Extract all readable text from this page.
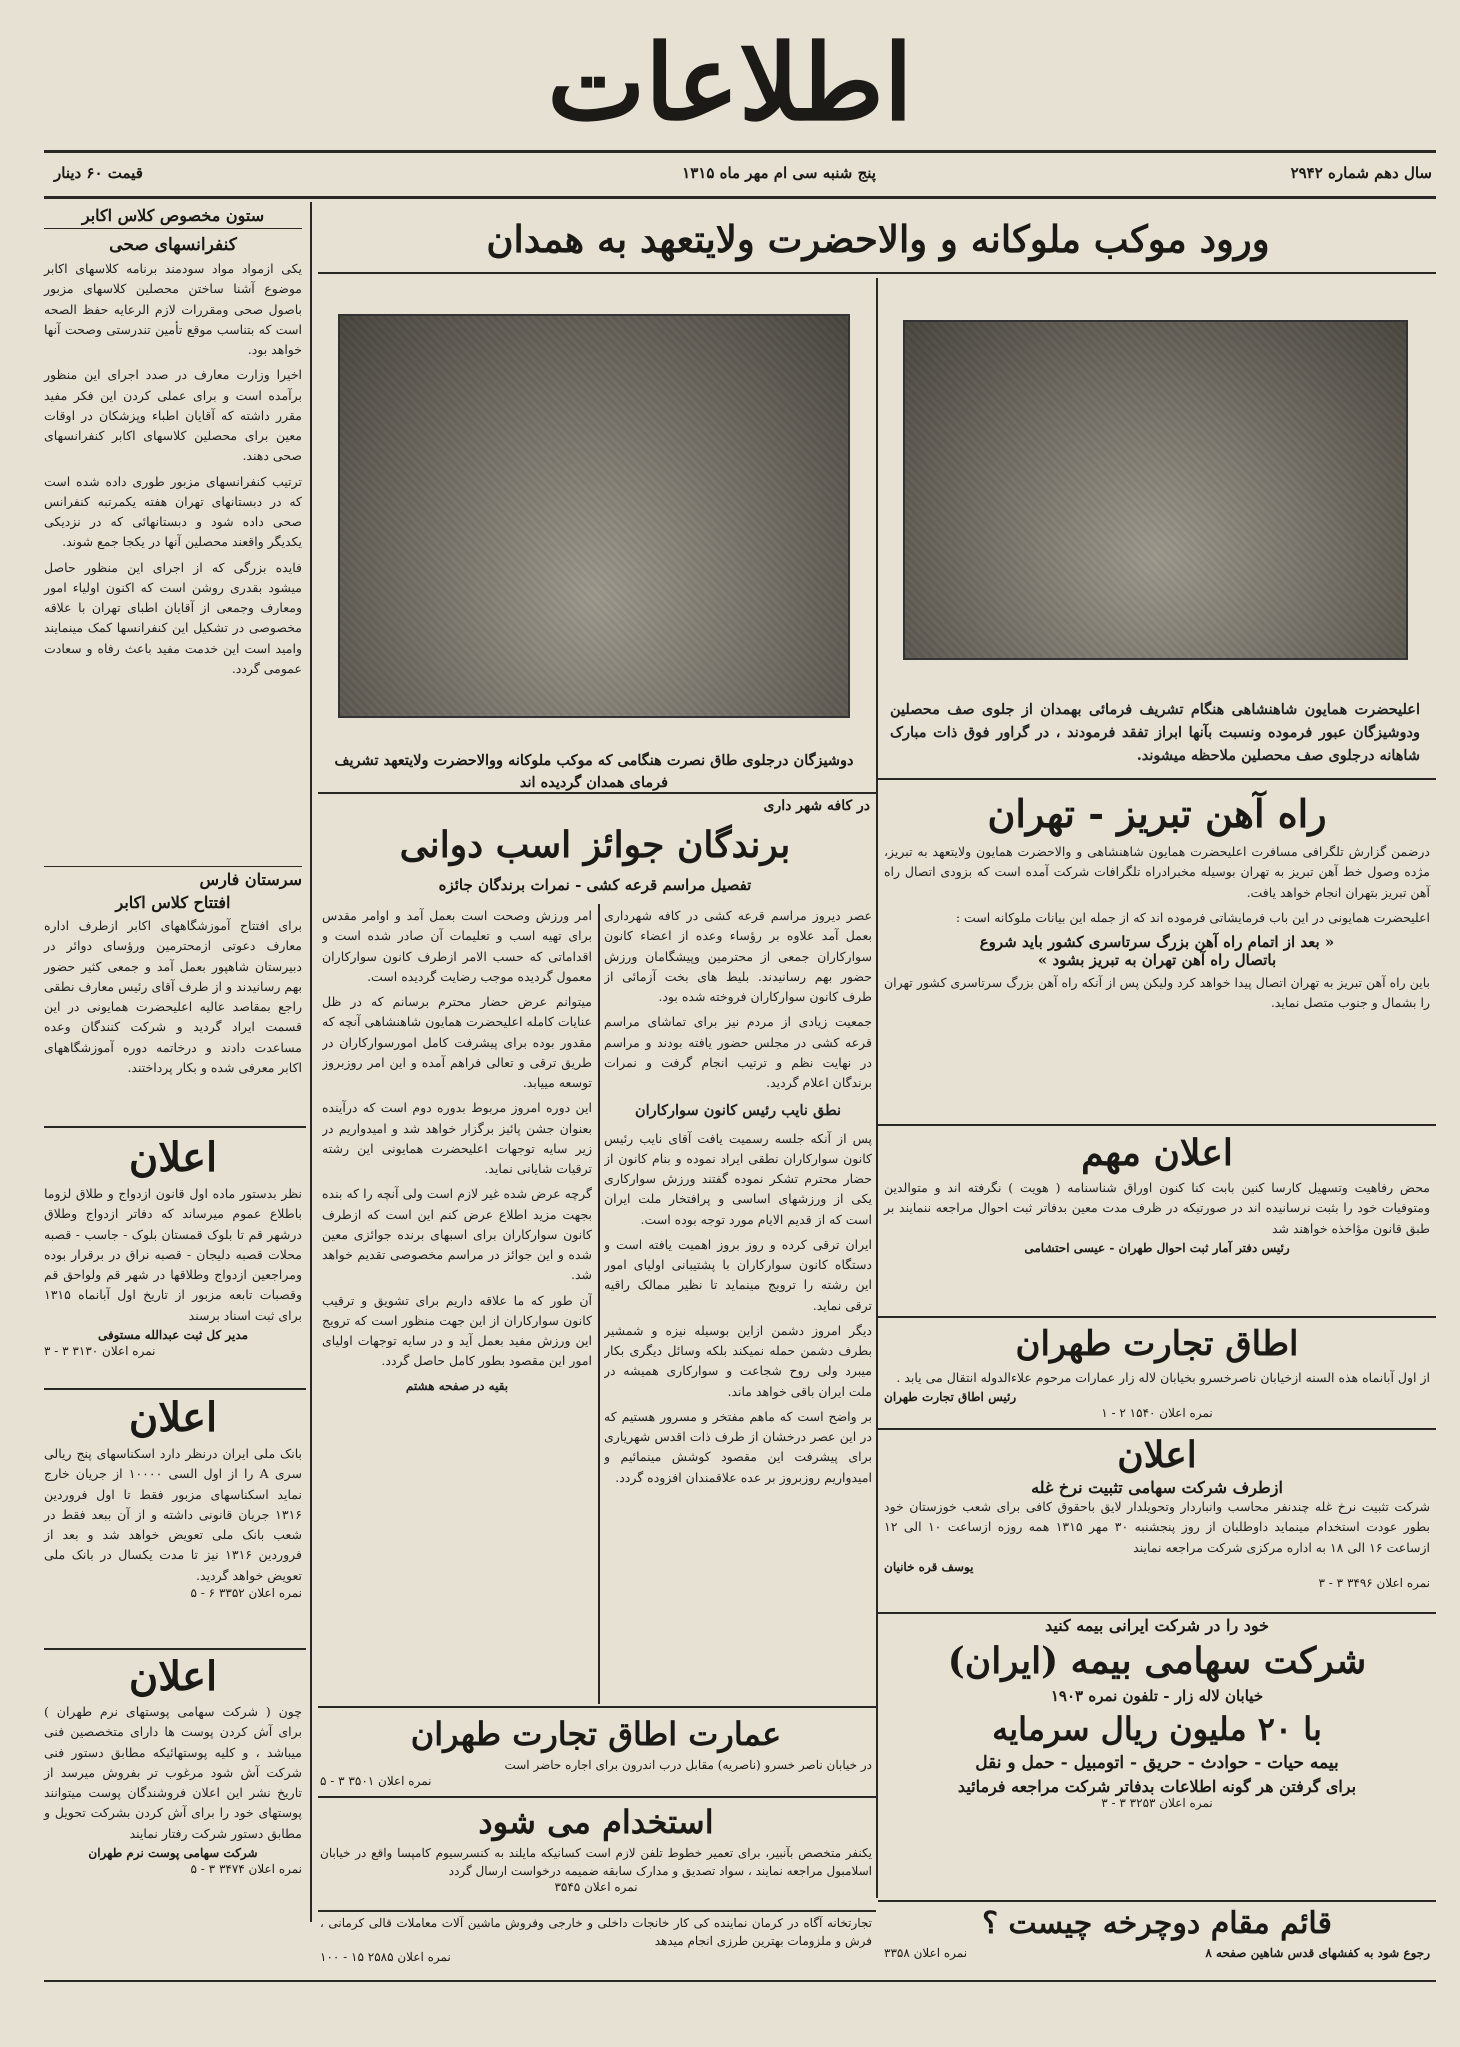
اطلاعات
سال دهم شماره ۲۹۴۲
پنج شنبه سی ام مهر ماه ۱۳۱۵
قیمت ۶۰ دینار
ورود موکب ملوکانه و والاحضرت ولایتعهد به همدان
اعلیحضرت همایون شاهنشاهی هنگام تشریف فرمائی بهمدان از جلوی صف محصلین ودوشیزگان عبور فرموده ونسبت بآنها ابراز تفقد فرمودند ، در گراور فوق ذات مبارک شاهانه درجلوی صف محصلین ملاحظه میشوند.
دوشیزگان درجلوی طاق نصرت هنگامی که موکب ملوکانه ووالاحضرت ولایتعهد تشریف فرمای همدان گردیده اند
ستون مخصوص کلاس اکابر
کنفرانسهای صحی

یکی ازمواد مواد سودمند برنامه کلاسهای اکابر موضوع آشنا ساختن محصلین کلاسهای مزبور باصول صحی ومقررات لازم الرعایه حفظ الصحه است که بتناسب موقع تأمین تندرستی وصحت آنها خواهد بود.

اخیرا وزارت معارف در صدد اجرای این منظور برآمده است و برای عملی کردن این فکر مفید مقرر داشته که آقایان اطباء وپزشکان در اوقات معین برای محصلین کلاسهای اکابر کنفرانسهای صحی دهند.

ترتیب کنفرانسهای مزبور طوری داده شده است که در دبستانهای تهران هفته یکمرتبه کنفرانس صحی داده شود و دبستانهائی که در نزدیکی یکدیگر واقعند محصلین آنها در یکجا جمع شوند.

فایده بزرگی که از اجرای این منظور حاصل میشود بقدری روشن است که اکنون اولیاء امور ومعارف وجمعی از آقایان اطبای تهران با علاقه مخصوصی در تشکیل این کنفرانسها کمک مینمایند وامید است این خدمت مفید باعث رفاه و سعادت عمومی گردد.

سرستان فارس
افتتاح کلاس اکابر
برای افتتاح آموزشگاههای اکابر ازطرف اداره معارف دعوتی ازمحترمین ورؤسای دوائر در دبیرستان شاهپور بعمل آمد و جمعی کثیر حضور بهم رسانیدند و از طرف آقای رئیس معارف نطقی راجع بمقاصد عالیه اعلیحضرت همایونی در این قسمت ایراد گردید و شرکت کنندگان وعده مساعدت دادند و درخاتمه دوره آموزشگاههای اکابر معرفی شده و بکار پرداختند.
اعلان
نظر بدستور ماده اول قانون ازدواج و طلاق لزوما باطلاع عموم میرساند که دفاتر ازدواج وطلاق درشهر قم تا بلوک قمستان بلوک - جاسب - قصبه محلات قصبه دلیجان - قصبه نراق در برقرار بوده ومراجعین ازدواج وطلاقها در شهر قم ولواحق قم وقصبات تابعه مزبور از تاریخ اول آبانماه ۱۳۱۵ برای ثبت اسناد برسند
مدیر کل ثبت عبدالله مستوفی
نمره اعلان ۳۱۳۰ ۳ - ۳
اعلان
بانک ملی ایران درنظر دارد اسکناسهای پنج ریالی سری A را از اول السی ۱۰۰۰۰ از جریان خارج نماید اسکناسهای مزبور فقط تا اول فروردین ۱۳۱۶ جریان قانونی داشته و از آن ببعد فقط در شعب بانک ملی تعویض خواهد شد و بعد از فروردین ۱۳۱۶ نیز تا مدت یکسال در بانک ملی تعویض خواهد گردید.
نمره اعلان ۳۳۵۲ ۶ - ۵
اعلان
چون ( شرکت سهامی پوستهای نرم طهران ) برای آش کردن پوست ها دارای متخصصین فنی میباشد ، و کلیه پوستهائیکه مطابق دستور فنی شرکت آش شود مرغوب تر بفروش میرسد از تاریخ نشر این اعلان فروشندگان پوست میتوانند پوستهای خود را برای آش کردن بشرکت تحویل و مطابق دستور شرکت رفتار نمایند
شرکت سهامی پوست نرم طهران
نمره اعلان ۳۴۷۴ ۳ - ۵
در کافه شهر داری
برندگان جوائز اسب دوانی
تفصیل مراسم قرعه کشی - نمرات برندگان جائزه

عصر دیروز مراسم قرعه کشی در کافه شهرداری بعمل آمد علاوه بر رؤساء وعده از اعضاء کانون سوارکاران جمعی از محترمین وپیشگامان ورزش حضور بهم رسانیدند. بلیط های بخت آزمائی از طرف کانون سوارکاران فروخته شده بود.

جمعیت زیادی از مردم نیز برای تماشای مراسم قرعه کشی در مجلس حضور یافته بودند و مراسم در نهایت نظم و ترتیب انجام گرفت و نمرات برندگان اعلام گردید.

نطق نایب رئیس کانون سوارکاران

پس از آنکه جلسه رسمیت یافت آقای نایب رئیس کانون سوارکاران نطقی ایراد نموده و بنام کانون از حضار محترم تشکر نموده گفتند ورزش سوارکاری یکی از ورزشهای اساسی و پرافتخار ملت ایران است که از قدیم الایام مورد توجه بوده است.

ایران ترقی کرده و روز بروز اهمیت یافته است و دستگاه کانون سوارکاران با پشتیبانی اولیای امور این رشته را ترویج مینماید تا نظیر ممالک راقیه ترقی نماید.

دیگر امروز دشمن ازاین بوسیله نیزه و شمشیر بطرف دشمن حمله نمیکند بلکه وسائل دیگری بکار میبرد ولی روح شجاعت و سوارکاری همیشه در ملت ایران باقی خواهد ماند.

بر واضح است که ماهم مفتخر و مسرور هستیم که در این عصر درخشان از طرف ذات اقدس شهریاری برای پیشرفت این مقصود کوشش مینمائیم و امیدواریم روزبروز بر عده علاقمندان افزوده گردد.

امر ورزش وصحت است بعمل آمد و اوامر مقدس برای تهیه اسب و تعلیمات آن صادر شده است و اقداماتی که حسب الامر ازطرف کانون سوارکاران معمول گردیده موجب رضایت گردیده است.

میتوانم عرض حضار محترم برسانم که در ظل عنایات کامله اعلیحضرت همایون شاهنشاهی آنچه که مقدور بوده برای پیشرفت کامل امورسوارکاران در طریق ترقی و تعالی فراهم آمده و این امر روزبروز توسعه مییابد.

این دوره امروز مربوط بدوره دوم است که درآینده بعنوان جشن پائیز برگزار خواهد شد و امیدواریم در زیر سایه توجهات اعلیحضرت همایونی این رشته ترقیات شایانی نماید.

گرچه عرض شده غیر لازم است ولی آنچه را که بنده بجهت مزید اطلاع عرض کنم این است که ازطرف کانون سوارکاران برای اسبهای برنده جوائزی معین شده و این جوائز در مراسم مخصوصی تقدیم خواهد شد.

آن طور که ما علاقه داریم برای تشویق و ترقیب کانون سوارکاران از این جهت منظور است که ترویج این ورزش مفید بعمل آید و در سایه توجهات اولیای امور این مقصود بطور کامل حاصل گردد.

بقیه در صفحه هشتم
عمارت اطاق تجارت طهران
در خیابان ناصر خسرو (ناصریه) مقابل درب اندرون برای اجاره حاضر است
نمره اعلان ۳۵۰۱ ۳ - ۵
استخدام می شود
یکنفر متخصص بآنبیر، برای تعمیر خطوط تلفن لازم است کسانیکه مایلند به کنسرسیوم کامپسا واقع در خیابان اسلامبول مراجعه نمایند ، سواد تصدیق و مدارک سابقه ضمیمه درخواست ارسال گردد
نمره اعلان ۳۵۴۵
تجارتخانه آگاه در کرمان نماینده کی کار خانجات داخلی و خارجی وفروش ماشین آلات معاملات قالی کرمانی ، فرش و ملزومات بهترین طرزی انجام میدهد
نمره اعلان ۲۵۸۵ ۱۵ - ۱۰۰
راه آهن تبریز - تهران

درضمن گزارش تلگرافی مسافرت اعلیحضرت همایون شاهنشاهی و والاحضرت همایون ولایتعهد به تبریز، مژده وصول خط آهن تبریز به تهران بوسیله مخبرادراه تلگرافات شرکت آمده است که بزودی اتصال راه آهن تبریز بتهران انجام خواهد یافت.

اعلیحضرت همایونی در این باب فرمایشاتی فرموده اند که از جمله این بیانات ملوکانه است :

« بعد از اتمام راه آهن بزرگ سرتاسری کشور باید شروع
باتصال راه آهن تهران به تبریز بشود »
باین راه آهن تبریز به تهران اتصال پیدا خواهد کرد ولیکن پس از آنکه راه آهن بزرگ سرتاسری کشور تهران را بشمال و جنوب متصل نماید.
اعلان مهم
محض رفاهیت وتسهیل کارسا کنین بابت کنا کنون اوراق شناسنامه ( هویت ) نگرفته اند و متوالدین ومتوفیات خود را بثبت نرسانیده اند در صورتیکه در ظرف مدت معین بدفاتر ثبت احوال مراجعه ننمایند بر طبق قانون مؤاخذه خواهند شد
رئیس دفتر آمار ثبت احوال طهران - عیسی احتشامی
اطاق تجارت طهران
از اول آبانماه هذه السنه ازخیابان ناصرخسرو بخیابان لاله زار عمارات مرحوم علاءالدوله انتقال می یابد .
رئیس اطاق تجارت طهران
نمره اعلان ۱۵۴۰ ۲ - ۱
اعلان
ازطرف شرکت سهامی تثبیت نرخ غله
شرکت تثبیت نرخ غله چندنفر محاسب وانباردار وتحویلدار لایق باحقوق کافی برای شعب خوزستان خود بطور عودت استخدام مینماید داوطلبان از روز پنجشنبه ۳۰ مهر ۱۳۱۵ همه روزه ازساعت ۱۰ الی ۱۲ ازساعت ۱۶ الی ۱۸ به اداره مرکزی شرکت مراجعه نمایند
یوسف قره خانیان
نمره اعلان ۳۴۹۶ ۳ - ۳
خود را در شرکت ایرانی بیمه کنید
شرکت سهامی بیمه (ایران)
خیابان لاله زار - تلفون نمره ۱۹۰۳
با ۲۰ ملیون ریال سرمایه
بیمه حیات - حوادث - حریق - اتومبیل - حمل و نقل
برای گرفتن هر گونه اطلاعات بدفاتر شرکت مراجعه فرمائید
نمره اعلان ۳۲۵۳ ۳ - ۳
قائم مقام دوچرخه چیست ؟
رجوع شود به کفشهای قدس شاهین صفحه ۸
نمره اعلان ۳۳۵۸
